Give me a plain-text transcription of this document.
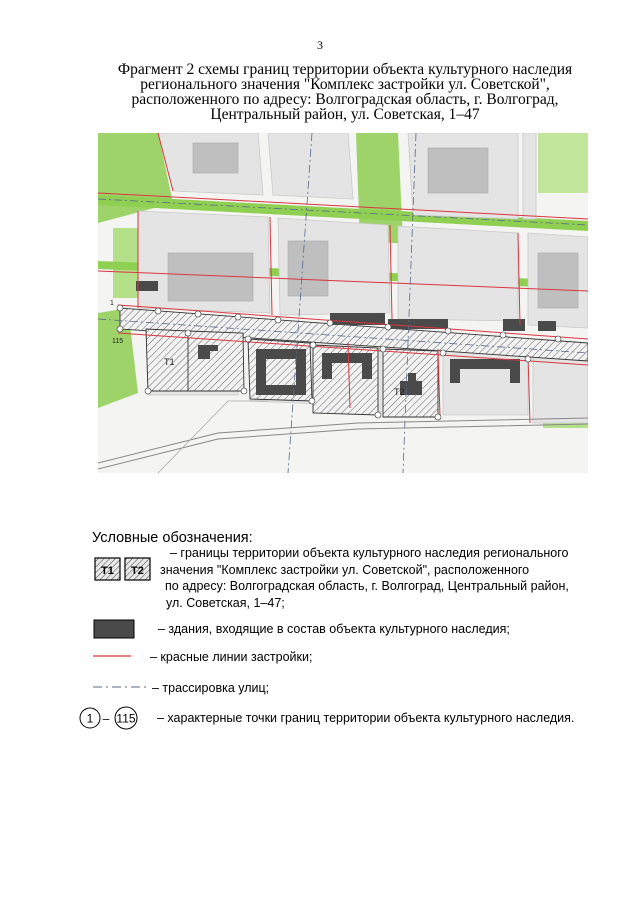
3
Фрагмент 2 схемы границ территории объекта культурного наследия
регионального значения "Комплекс застройки ул. Советской",
расположенного по адресу: Волгоградская область, г. Волгоград,
Центральный район, ул. Советская, 1–47
Т1
Т2
1
115
Условные обозначения:
Т1 Т2
– границы территории объекта культурного наследия регионального
значения "Комплекс застройки ул. Советской", расположенного
по адресу: Волгоградская область, г. Волгоград, Центральный район,
ул. Советская, 1–47;
– здания, входящие в состав объекта культурного наследия;
– красные линии застройки;
– трассировка улиц;
1 – 115 – характерные точки границ территории объекта культурного наследия.
